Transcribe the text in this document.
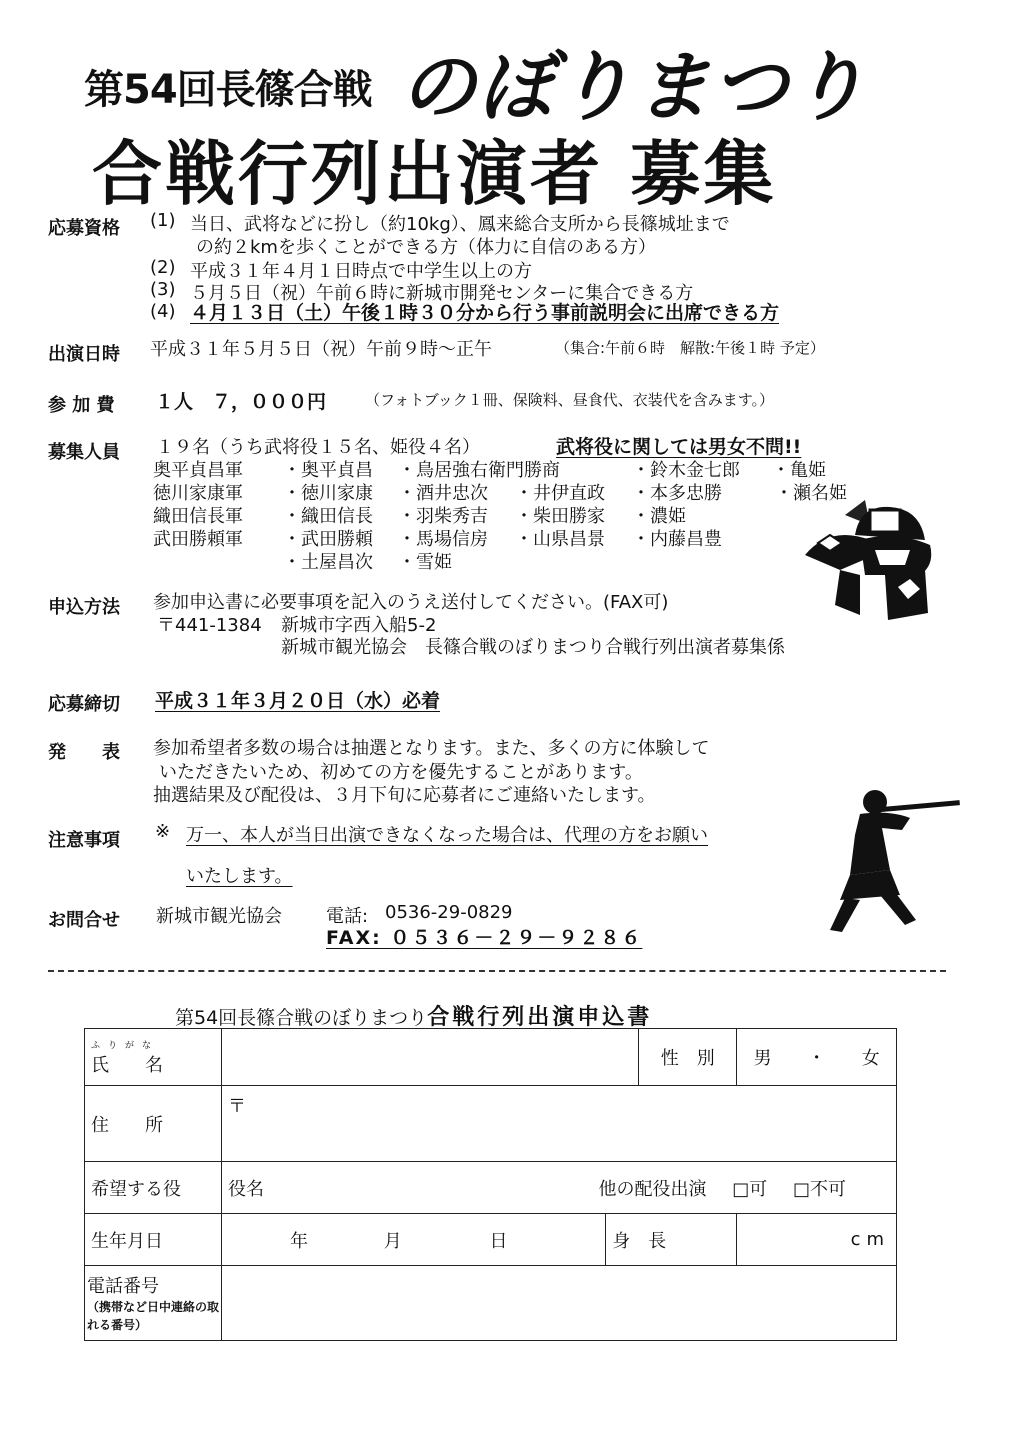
第54回長篠合戦 のぼりまつり
合戦行列出演者 募集
応募資格 (1) 当日、武将などに扮し（約10kg）、鳳来総合支所から長篠城址まで
の約２kmを歩くことができる方（体力に自信のある方）
(2) 平成３１年４月１日時点で中学生以上の方
(3) ５月５日（祝）午前６時に新城市開発センターに集合できる方
(4) ４月１３日（土）午後１時３０分から行う事前説明会に出席できる方
出演日時 平成３１年５月５日（祝）午前９時～正午	（集合:午前６時　解散:午後１時 予定）
参 加 費 １人　７，０００円	（フォトブック１冊、保険料、昼食代、衣装代を含みます。）
募集人員 １９名（うち武将役１５名、姫役４名）	武将役に関しては男女不問!!
奥平貞昌軍 ・奥平貞昌 ・鳥居強右衛門勝商	・鈴木金七郎 ・亀姫
徳川家康軍 ・徳川家康 ・酒井忠次 ・井伊直政 ・本多忠勝	・瀬名姫
織田信長軍 ・織田信長 ・羽柴秀吉 ・柴田勝家 ・濃姫
武田勝頼軍 ・武田勝頼 ・馬場信房 ・山県昌景 ・内藤昌豊
・土屋昌次 ・雪姫
申込方法 参加申込書に必要事項を記入のうえ送付してください。(FAX可)
〒441-1384 新城市字西入船5-2
新城市観光協会　長篠合戦のぼりまつり合戦行列出演者募集係
応募締切 平成３１年３月２０日（水）必着
発　　表 参加希望者多数の場合は抽選となります。また、多くの方に体験して
いただきたいため、初めての方を優先することがあります。
抽選結果及び配役は、３月下旬に応募者にご連絡いたします。
注意事項 ※ 万一、本人が当日出演できなくなった場合は、代理の方をお願い
いたします。
お問合せ 新城市観光協会 電話: 0536-29-0829
FAX: ０５３６－２９－９２８６
第54回長篠合戦のぼりまつり合戦行列出演申込書
ふりがな
氏　　名			性　別	男　　・　　女
住　　所	〒			
希望する役	役名 他の配役出演 □可 □不可			

生年月日	年 月 日	身　長		cm

電話番号
（携帯など日中連絡の取れる番号）				
